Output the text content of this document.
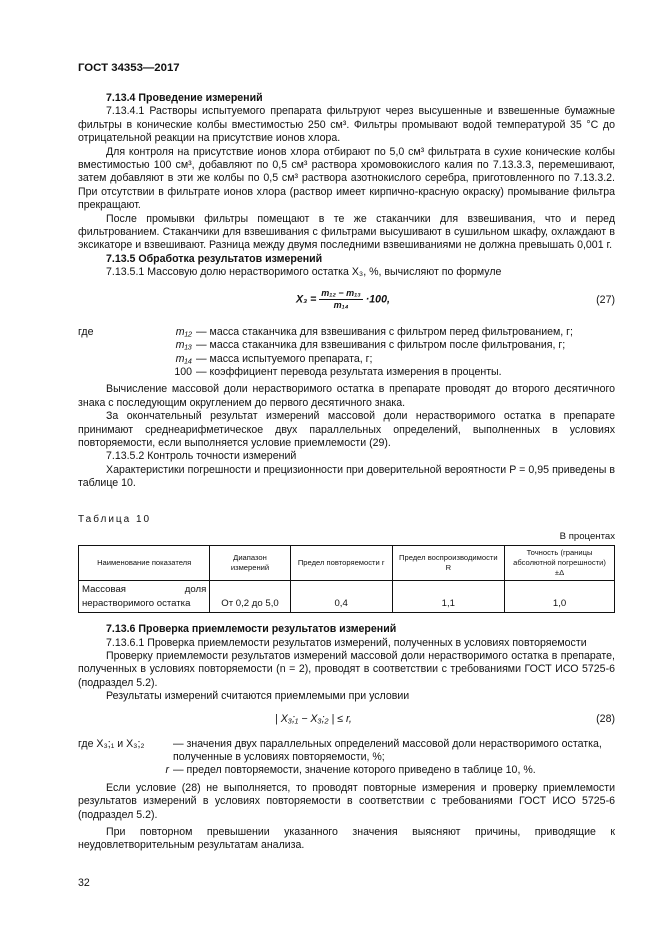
ГОСТ 34353—2017

7.13.4 Проведение измерений

7.13.4.1 Растворы испытуемого препарата фильтруют через высушенные и взвешенные бумажные фильтры в конические колбы вместимостью 250 см³. Фильтры промывают водой температурой 35 °С до отрицательной реакции на присутствие ионов хлора.

Для контроля на присутствие ионов хлора отбирают по 5,0 см³ фильтрата в сухие конические колбы вместимостью 100 см³, добавляют по 0,5 см³ раствора хромовокислого калия по 7.13.3.3, перемешивают, затем добавляют в эти же колбы по 0,5 см³ раствора азотнокислого серебра, приготовленного по 7.13.3.2. При отсутствии в фильтрате ионов хлора (раствор имеет кирпично-красную окраску) промывание фильтра прекращают.

После промывки фильтры помещают в те же стаканчики для взвешивания, что и перед фильтрованием. Стаканчики для взвешивания с фильтрами высушивают в сушильном шкафу, охлаждают в эксикаторе и взвешивают. Разница между двумя последними взвешиваниями не должна превышать 0,001 г.

7.13.5 Обработка результатов измерений

7.13.5.1 Массовую долю нерастворимого остатка X₃, %, вычисляют по формуле

$X_3 = \frac{\text{m₁₂ − m₁₃}}{\text{m₁₄}} \cdot 100$,	(27)
где	m₁₂ — масса стаканчика для взвешивания с фильтром перед фильтрованием, г;
m₁₃ — масса стаканчика для взвешивания с фильтром после фильтрования, г;
m₁₄ — масса испытуемого препарата, г;
100 — коэффициент перевода результата измерения в проценты.

Вычисление массовой доли нерастворимого остатка в препарате проводят до второго десятичного знака с последующим округлением до первого десятичного знака.

За окончательный результат измерений массовой доли нерастворимого остатка в препарате принимают среднеарифметическое двух параллельных определений, выполненных в условиях повторяемости, если выполняется условие приемлемости (29).

7.13.5.2 Контроль точности измерений

Характеристики погрешности и прецизионности при доверительной вероятности P = 0,95 приведены в таблице 10.

Таблица 10
В процентах
Наименование показателя	Диапазон измерений	Предел повторяемости r	Предел воспроизводимости R	Точность (границы абсолютной погрешности) ±Δ
Массовая доля нерастворимого остатка	От 0,2 до 5,0	0,4	1,1	1,0

7.13.6 Проверка приемлемости результатов измерений

7.13.6.1 Проверка приемлемости результатов измерений, полученных в условиях повторяемости

Проверку приемлемости результатов измерений массовой доли нерастворимого остатка в препарате, полученных в условиях повторяемости (n = 2), проводят в соответствии с требованиями ГОСТ ИСО 5725-6 (подраздел 5.2).

Результаты измерений считаются приемлемыми при условии

| X₃;₁ − X₃;₂ | ≤ r,	(28)
где X₃;₁ и X₃;₂	— значения двух параллельных определений массовой доли нерастворимого остатка,
полученные в условиях повторяемости, %;
r — предел повторяемости, значение которого приведено в таблице 10, %.

Если условие (28) не выполняется, то проводят повторные измерения и проверку приемлемости результатов измерений в условиях повторяемости в соответствии с требованиями ГОСТ ИСО 5725-6 (подраздел 5.2).

При повторном превышении указанного значения выясняют причины, приводящие к неудовлетворительным результатам анализа.

32
